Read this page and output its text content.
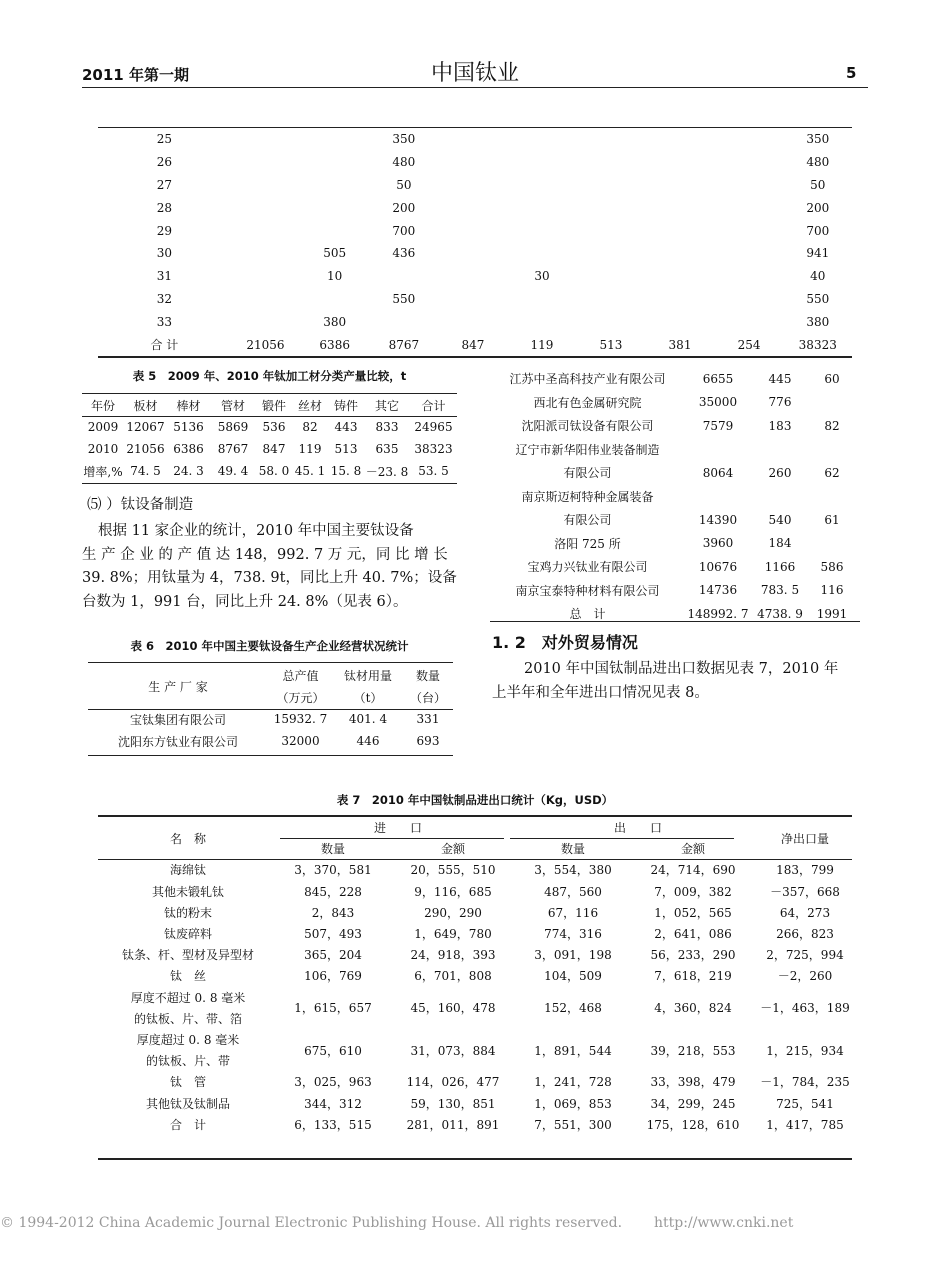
2011 年第一期	中国钛业	5
25			350						350
26			480						480
27			50						50
28			200						200
29			700						700
30		505	436						941
31		10			30				40
32			550						550
33		380							380
合 计	21056	6386	8767	847	119	513	381	254	38323
表 5　2009 年、2010 年钛加工材分类产量比较，t
年份	板材	棒材	管材	锻件	丝材	铸件	其它	合计
2009	12067	5136	5869	536	82	443	833	24965
2010	21056	6386	8767	847	119	513	635	38323
增率,%	74. 5	24. 3	49. 4	58. 0	45. 1	15. 8	－23. 8	53. 5
⑸ ）钛设备制造
根据 11 家企业的统计，2010 年中国主要钛设备
生 产 企 业 的 产 值 达 148，992. 7 万 元，同 比 增 长
39. 8%；用钛量为 4，738. 9t，同比上升 40. 7%；设备
台数为 1，991 台，同比上升 24. 8%（见表 6）。
表 6　2010 年中国主要钛设备生产企业经营状况统计
生 产 厂 家	总产值	钛材用量	数量
	（万元）	（t）	（台）
宝钛集团有限公司	15932. 7	401. 4	331
沈阳东方钛业有限公司	32000	446	693
江苏中圣高科技产业有限公司	6655	445	60
西北有色金属研究院	35000	776	
沈阳派司钛设备有限公司	7579	183	82
辽宁市新华阳伟业装备制造			
有限公司	8064	260	62
南京斯迈柯特种金属装备			
有限公司	14390	540	61
洛阳 725 所	3960	184	
宝鸡力兴钛业有限公司	10676	1166	586
南京宝泰特种材料有限公司	14736	783. 5	116
总　计	148992. 7	4738. 9	1991
1. 2　对外贸易情况
2010 年中国钛制品进出口数据见表 7，2010 年
上半年和全年进出口情况见表 8。
表 7　2010 年中国钛制品进出口统计（Kg，USD）
名　称	进　　口		出　　口		净出口量
	数量	金额	数量	金额	
海绵钛	3，370，581	20，555，510	3，554，380	24，714，690	183，799
其他未锻轧钛	845，228	9，116，685	487，560	7，009，382	－357，668
钛的粉末	2，843	290，290	67，116	1，052，565	64，273
钛废碎料	507，493	1，649，780	774，316	2，641，086	266，823
钛条、杆、型材及异型材	365，204	24，918，393	3，091，198	56，233，290	2，725，994
钛　丝	106，769	6，701，808	104，509	7，618，219	－2，260
厚度不超过 0. 8 毫米	1，615，657	45，160，478	152，468	4，360，824	－1，463，189
的钛板、片、带、箔					
厚度超过 0. 8 毫米	675，610	31，073，884	1，891，544	39，218，553	1，215，934
的钛板、片、带					
钛　管	3，025，963	114，026，477	1，241，728	33，398，479	－1，784，235
其他钛及钛制品	344，312	59，130，851	1，069，853	34，299，245	725，541
合　计	6，133，515	281，011，891	7，551，300	175，128，610	1，417，785
© 1994-2012 China Academic Journal Electronic Publishing House. All rights reserved. http://www.cnki.net
